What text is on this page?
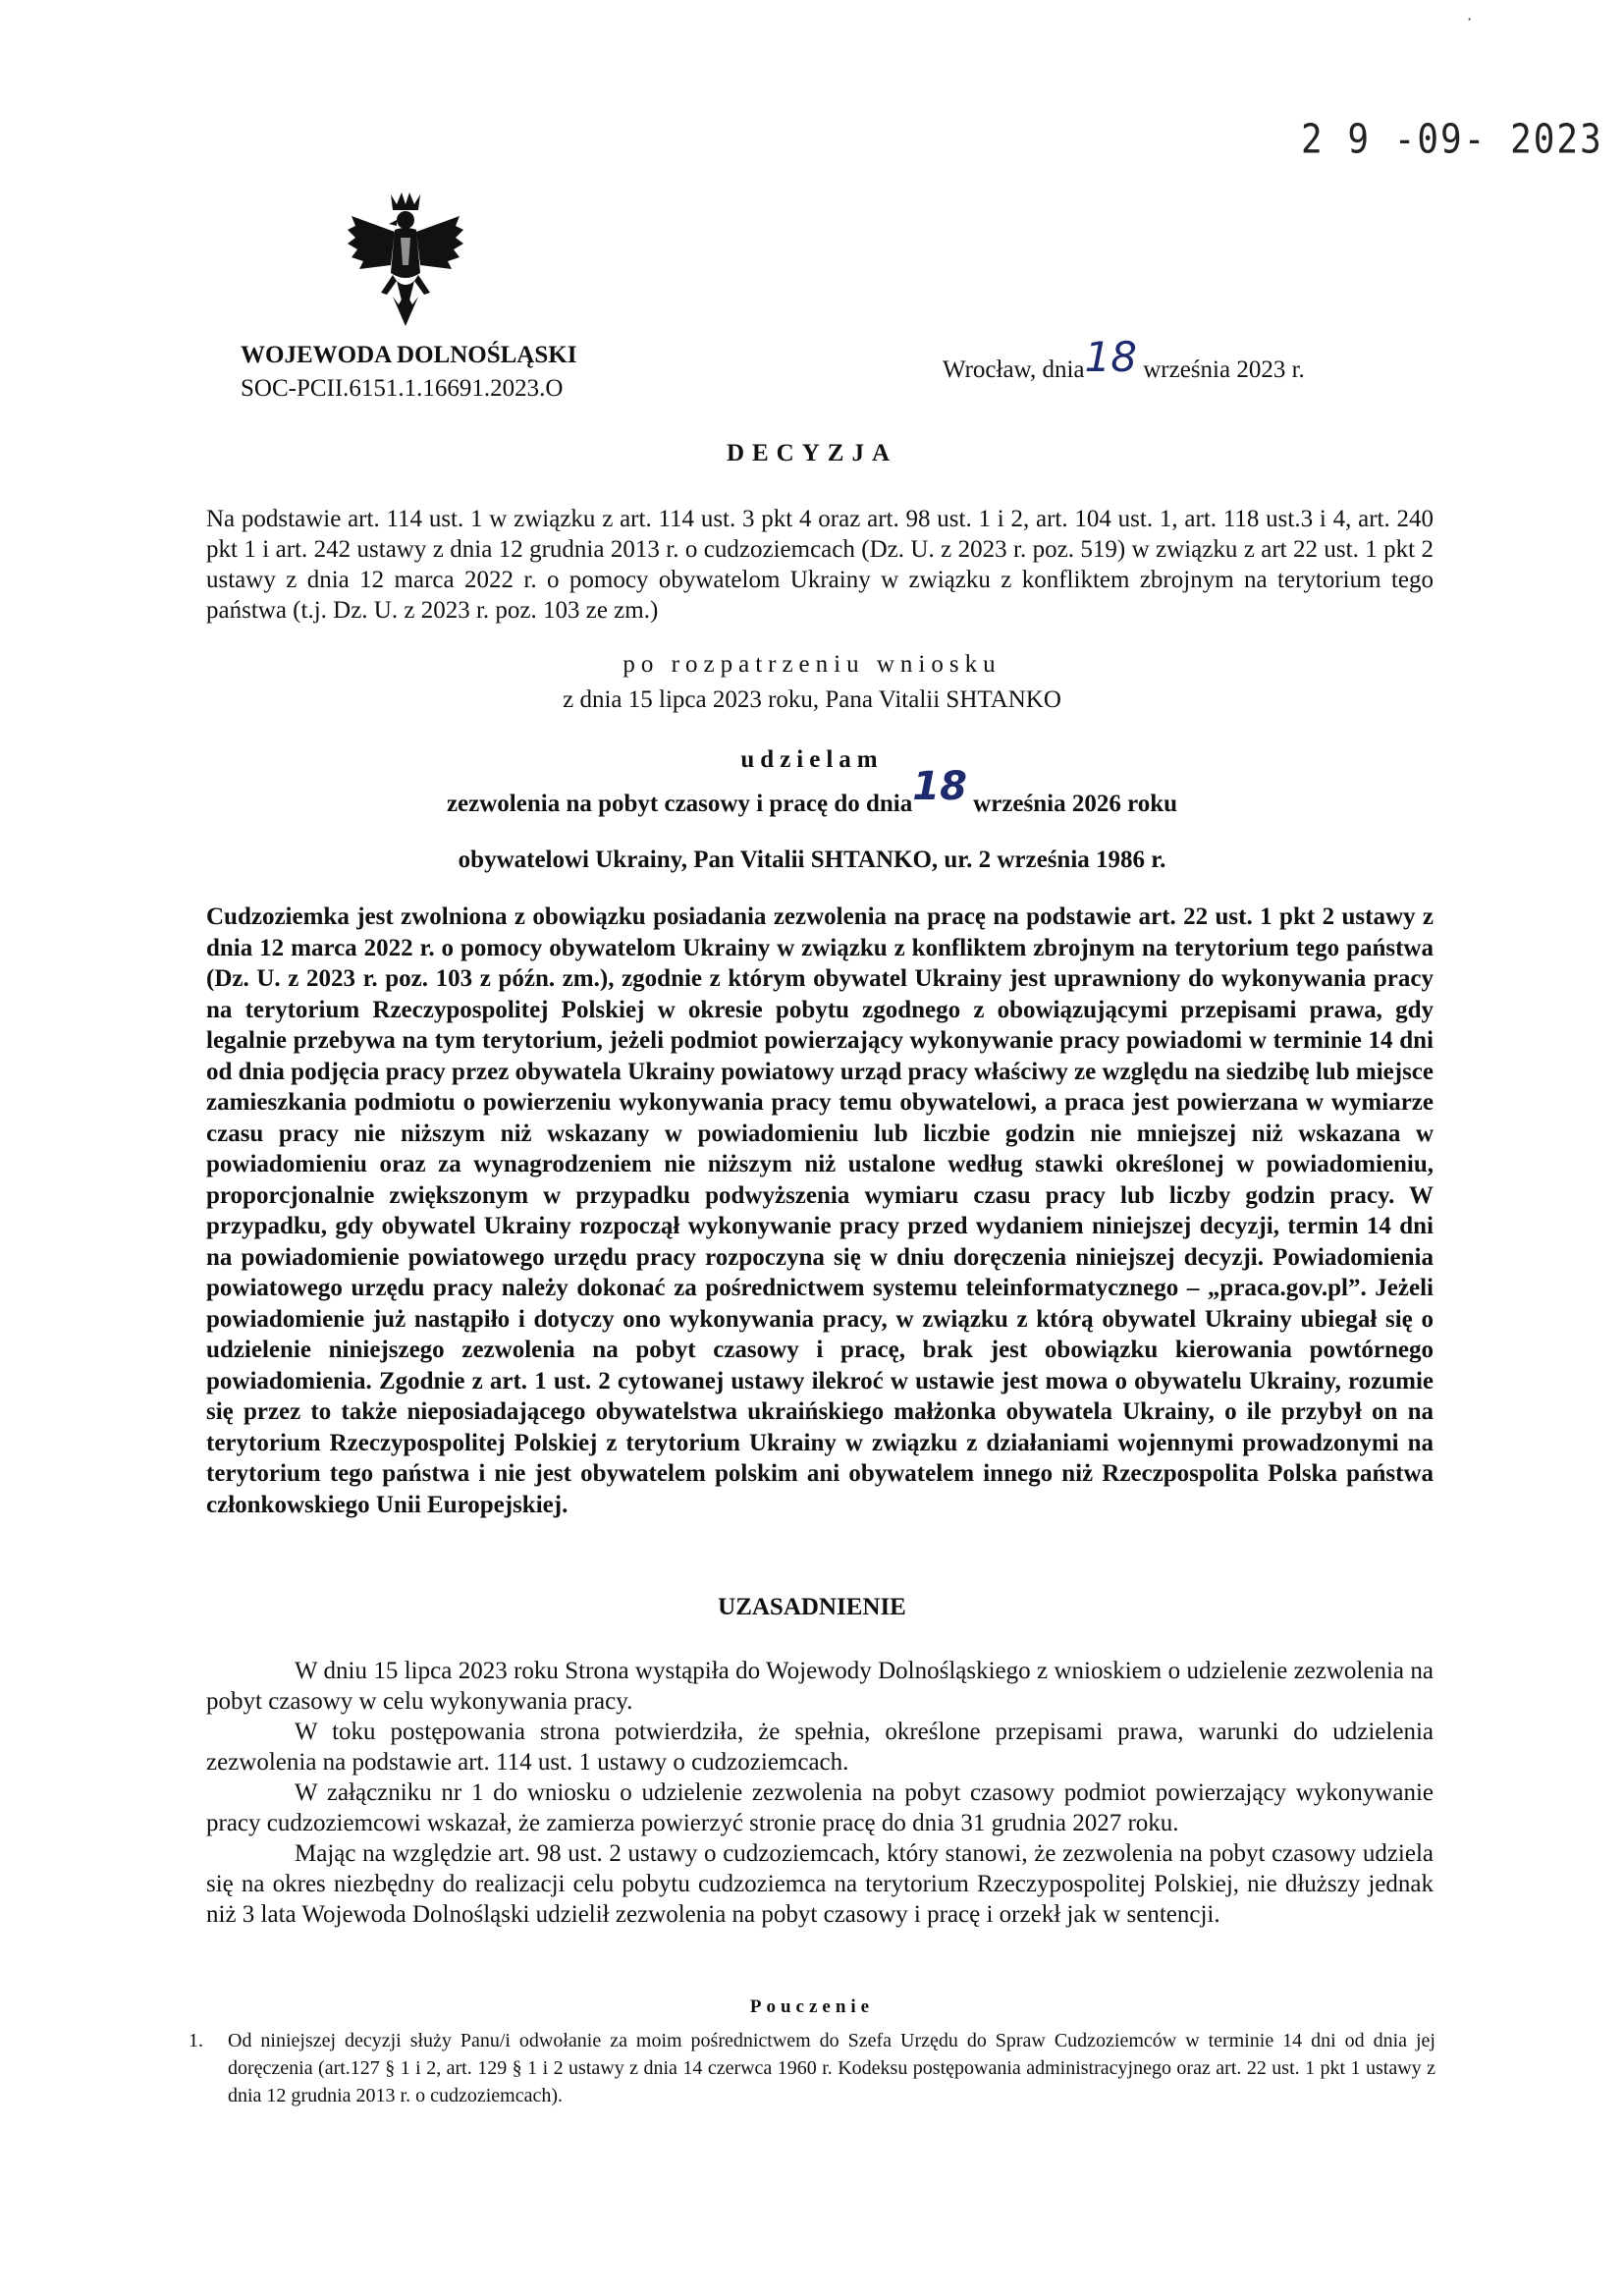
·
2 9 -09- 2023
WOJEWODA DOLNOŚLĄSKI
SOC-PCII.6151.1.16691.2023.O
Wrocław, dnia18 września 2023 r.
DECYZJA
Na podstawie art. 114 ust. 1 w związku z art. 114 ust. 3 pkt 4 oraz art. 98 ust. 1 i 2, art. 104 ust. 1, art. 118 ust.3 i 4, art. 240 pkt 1 i art. 242 ustawy z dnia 12 grudnia 2013 r. o cudzoziemcach (Dz. U. z 2023 r. poz. 519) w związku z art 22 ust. 1 pkt 2 ustawy z dnia 12 marca 2022 r. o pomocy obywatelom Ukrainy w związku z konfliktem zbrojnym na terytorium tego państwa (t.j. Dz. U. z 2023 r. poz. 103 ze zm.)
po rozpatrzeniu wniosku
z dnia 15 lipca 2023 roku, Pana Vitalii SHTANKO
udzielam
zezwolenia na pobyt czasowy i pracę do dnia18 września 2026 roku
obywatelowi Ukrainy, Pan Vitalii SHTANKO, ur. 2 września 1986 r.
Cudzoziemka jest zwolniona z obowiązku posiadania zezwolenia na pracę na podstawie art. 22 ust. 1 pkt 2 ustawy z dnia 12 marca 2022 r. o pomocy obywatelom Ukrainy w związku z konfliktem zbrojnym na terytorium tego państwa (Dz. U. z 2023 r. poz. 103 z późn. zm.), zgodnie z którym obywatel Ukrainy jest uprawniony do wykonywania pracy na terytorium Rzeczypospolitej Polskiej w okresie pobytu zgodnego z obowiązującymi przepisami prawa, gdy legalnie przebywa na tym terytorium, jeżeli podmiot powierzający wykonywanie pracy powiadomi w terminie 14 dni od dnia podjęcia pracy przez obywatela Ukrainy powiatowy urząd pracy właściwy ze względu na siedzibę lub miejsce zamieszkania podmiotu o powierzeniu wykonywania pracy temu obywatelowi, a praca jest powierzana w wymiarze czasu pracy nie niższym niż wskazany w powiadomieniu lub liczbie godzin nie mniejszej niż wskazana w powiadomieniu oraz za wynagrodzeniem nie niższym niż ustalone według stawki określonej w powiadomieniu, proporcjonalnie zwiększonym w przypadku podwyższenia wymiaru czasu pracy lub liczby godzin pracy. W przypadku, gdy obywatel Ukrainy rozpoczął wykonywanie pracy przed wydaniem niniejszej decyzji, termin 14 dni na powiadomienie powiatowego urzędu pracy rozpoczyna się w dniu doręczenia niniejszej decyzji. Powiadomienia powiatowego urzędu pracy należy dokonać za pośrednictwem systemu teleinformatycznego – „praca.gov.pl”. Jeżeli powiadomienie już nastąpiło i dotyczy ono wykonywania pracy, w związku z którą obywatel Ukrainy ubiegał się o udzielenie niniejszego zezwolenia na pobyt czasowy i pracę, brak jest obowiązku kierowania powtórnego powiadomienia. Zgodnie z art. 1 ust. 2 cytowanej ustawy ilekroć w ustawie jest mowa o obywatelu Ukrainy, rozumie się przez to także nieposiadającego obywatelstwa ukraińskiego małżonka obywatela Ukrainy, o ile przybył on na terytorium Rzeczypospolitej Polskiej z terytorium Ukrainy w związku z działaniami wojennymi prowadzonymi na terytorium tego państwa i nie jest obywatelem polskim ani obywatelem innego niż Rzeczpospolita Polska państwa członkowskiego Unii Europejskiej.
UZASADNIENIE

W dniu 15 lipca 2023 roku Strona wystąpiła do Wojewody Dolnośląskiego z wnioskiem o udzielenie zezwolenia na pobyt czasowy w celu wykonywania pracy.

W toku postępowania strona potwierdziła, że spełnia, określone przepisami prawa, warunki do udzielenia zezwolenia na podstawie art. 114 ust. 1 ustawy o cudzoziemcach.

W załączniku nr 1 do wniosku o udzielenie zezwolenia na pobyt czasowy podmiot powierzający wykonywanie pracy cudzoziemcowi wskazał, że zamierza powierzyć stronie pracę do dnia 31 grudnia 2027 roku.

Mając na względzie art. 98 ust. 2 ustawy o cudzoziemcach, który stanowi, że zezwolenia na pobyt czasowy udziela się na okres niezbędny do realizacji celu pobytu cudzoziemca na terytorium Rzeczypospolitej Polskiej, nie dłuższy jednak niż 3 lata Wojewoda Dolnośląski udzielił zezwolenia na pobyt czasowy i pracę i orzekł jak w sentencji.

Pouczenie
1. Od niniejszej decyzji służy Panu/i odwołanie za moim pośrednictwem do Szefa Urzędu do Spraw Cudzoziemców w terminie 14 dni od dnia jej doręczenia (art.127 § 1 i 2, art. 129 § 1 i 2 ustawy z dnia 14 czerwca 1960 r. Kodeksu postępowania administracyjnego oraz art. 22 ust. 1 pkt 1 ustawy z dnia 12 grudnia 2013 r. o cudzoziemcach).
